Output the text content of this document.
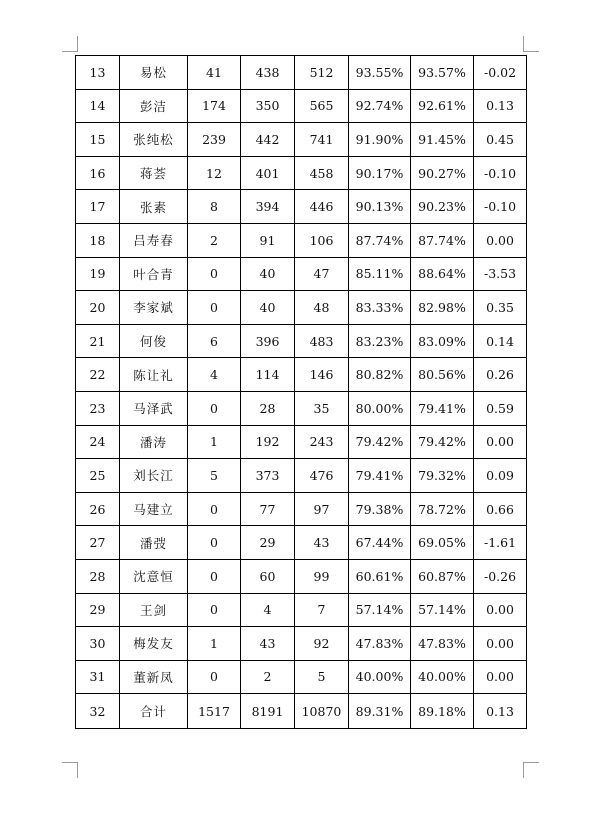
13	易松	41	438	512	93.55%	93.57%	-0.02
14	彭洁	174	350	565	92.74%	92.61%	0.13
15	张纯松	239	442	741	91.90%	91.45%	0.45
16	蒋荟	12	401	458	90.17%	90.27%	-0.10
17	张素	8	394	446	90.13%	90.23%	-0.10
18	吕寿春	2	91	106	87.74%	87.74%	0.00
19	叶合青	0	40	47	85.11%	88.64%	-3.53
20	李家斌	0	40	48	83.33%	82.98%	0.35
21	何俊	6	396	483	83.23%	83.09%	0.14
22	陈让礼	4	114	146	80.82%	80.56%	0.26
23	马泽武	0	28	35	80.00%	79.41%	0.59
24	潘涛	1	192	243	79.42%	79.42%	0.00
25	刘长江	5	373	476	79.41%	79.32%	0.09
26	马建立	0	77	97	79.38%	78.72%	0.66
27	潘弢	0	29	43	67.44%	69.05%	-1.61
28	沈意恒	0	60	99	60.61%	60.87%	-0.26
29	王剑	0	4	7	57.14%	57.14%	0.00
30	梅发友	1	43	92	47.83%	47.83%	0.00
31	董新凤	0	2	5	40.00%	40.00%	0.00
32	合计	1517	8191	10870	89.31%	89.18%	0.13
